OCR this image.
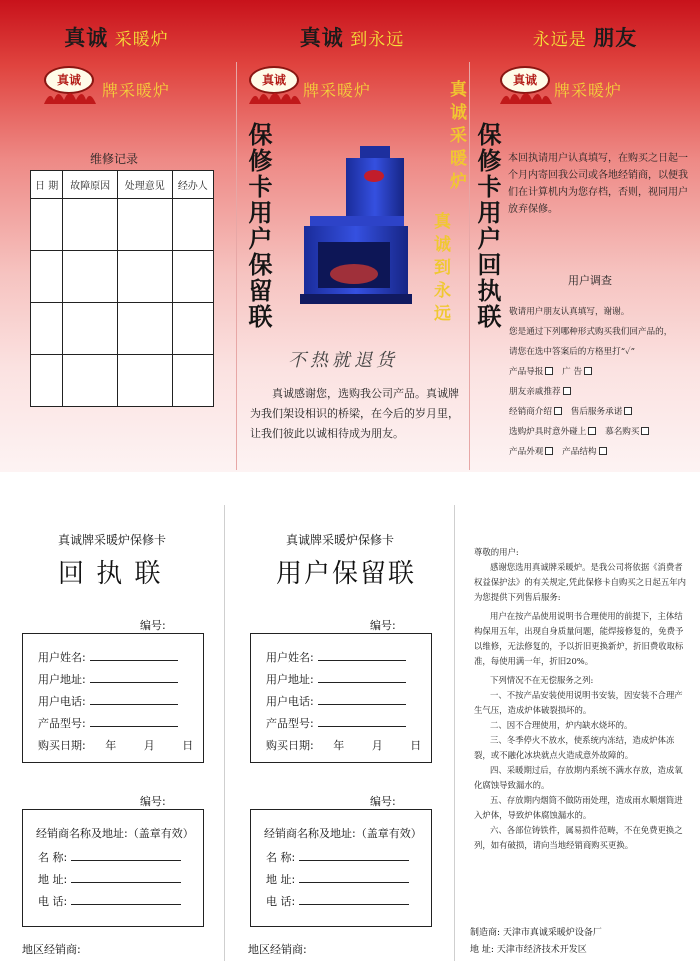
真诚 采暖炉
真诚
牌采暖炉
维修记录
日 期	故障原因	处理意见	经办人

真诚 到永远
真诚
牌采暖炉
保修卡用户保留联	真诚采暖炉
真诚到永远
不热就退货
真诚感谢您，选购我公司产品。真诚牌为我们架设相识的桥梁，在今后的岁月里，让我们彼此以诚相待成为朋友。
永远是 朋友
真诚
牌采暖炉
保修卡用户回执联 本回执请用户认真填写，在购买之日起一个月内寄回我公司或各地经销商，以便我们在计算机内为您存档，否则，视同用户放弃保修。
用户调查
敬请用户朋友认真填写，谢谢。
您是通过下列哪种形式购买我们回产品的，
请您在选中答案后的方格里打“✓”
产品导报 广 告
朋友亲戚推荐
经销商介绍 售后服务承诺
选购炉具时意外碰上 慕名购买
产品外观 产品结构
真诚牌采暖炉保修卡
回 执 联
编号:
用户姓名:
用户地址:
用户电话:
产品型号:
购买日期: 年	月	日
编号:
经销商名称及地址:（盖章有效）
名 称:
地 址:
电 话:
地区经销商:
真诚牌采暖炉保修卡
用户保留联
编号:
用户姓名:
用户地址:
用户电话:
产品型号:
购买日期: 年	月	日
编号:
经销商名称及地址:（盖章有效）
名 称:
地 址:
电 话:
地区经销商:

尊敬的用户:

感谢您选用真诚牌采暖炉。是我公司将依据《消费者权益保护法》的有关规定,凭此保修卡自购买之日起五年内为您提供下列售后服务:

用户在按产品使用说明书合理使用的前提下，主体结构保用五年，出现自身质量问题，能焊接修复的，免费予以维修，无法修复的，予以折旧更换新炉，折旧费收取标准，每使用满一年，折旧20%。

下列情况不在无偿服务之列:

一、不按产品安装使用说明书安装，因安装不合理产生气压，造成炉体破裂损坏的。

二、因不合理使用，炉内缺水烧坏的。

三、冬季停火不放水，使系统内冻结，造成炉体冻裂，或不融化冰块就点火造成意外故障的。

四、采暖期过后，存放期内系统不满水存放，造成氧化腐蚀导致漏水的。

五、存放期内烟筒不做防雨处理，造成雨水顺烟筒进入炉体，导致炉体腐蚀漏水的。

六、各部位铸铁件，属易损件范畴，不在免费更换之列，如有破损，请向当地经销商购买更换。

制造商: 天津市真诚采暖炉设备厂
地 址: 天津市经济技术开发区
